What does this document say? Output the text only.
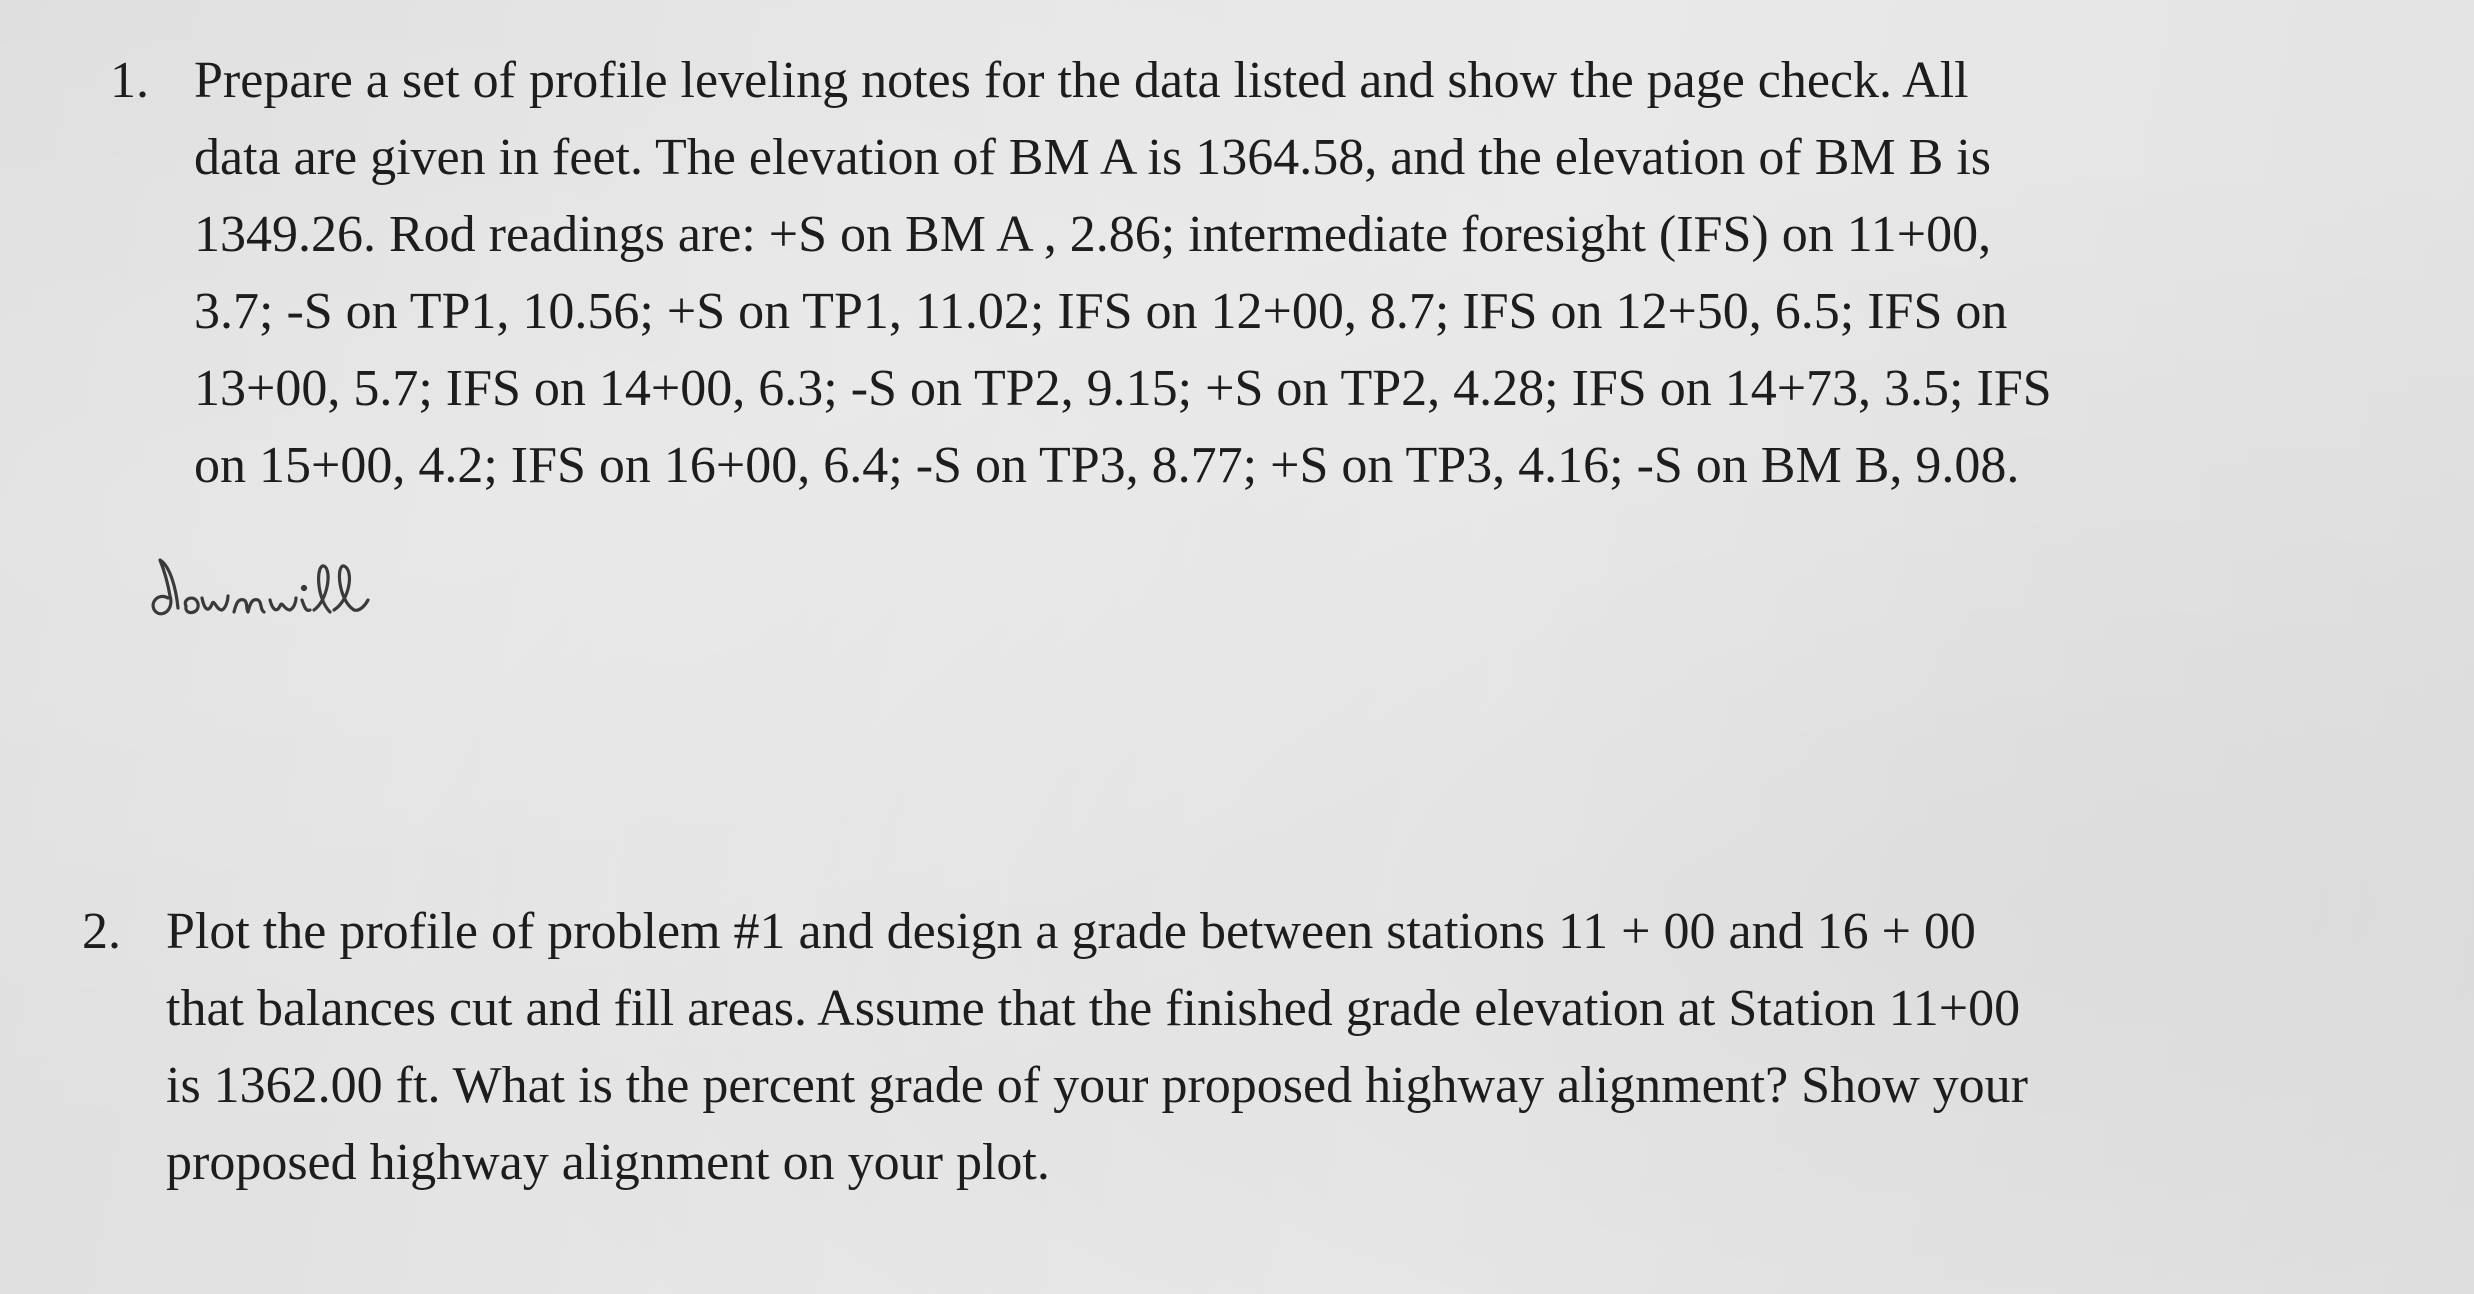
1. Prepare a set of profile leveling notes for the data listed and show the page check. All
data are given in feet. The elevation of BM A is 1364.58, and the elevation of BM B is
1349.26. Rod readings are: +S on BM A , 2.86; intermediate foresight (IFS) on 11+00,
3.7; -S on TP1, 10.56; +S on TP1, 11.02; IFS on 12+00, 8.7; IFS on 12+50, 6.5; IFS on
13+00, 5.7; IFS on 14+00, 6.3; -S on TP2, 9.15; +S on TP2, 4.28; IFS on 14+73, 3.5; IFS
on 15+00, 4.2; IFS on 16+00, 6.4; -S on TP3, 8.77; +S on TP3, 4.16; -S on BM B, 9.08.
2. Plot the profile of problem #1 and design a grade between stations 11 + 00 and 16 + 00
that balances cut and fill areas. Assume that the finished grade elevation at Station 11+00
is 1362.00 ft. What is the percent grade of your proposed highway alignment? Show your
proposed highway alignment on your plot.
